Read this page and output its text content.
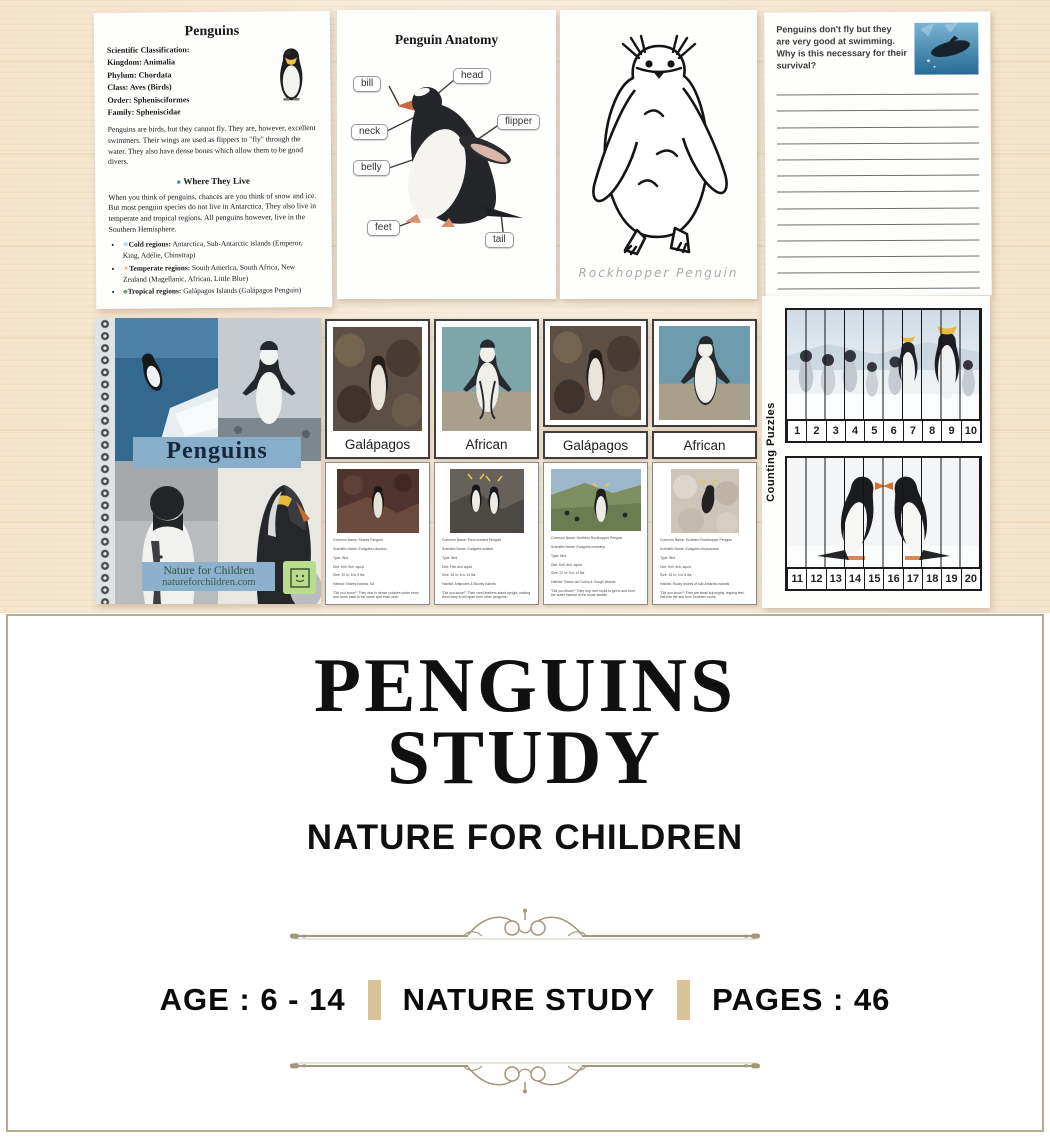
Penguins
Scientific Classification:
Kingdom: Animalia
Phylum: Chordata
Class: Aves (Birds)
Order: Sphenisciformes
Family: Spheniscidae
Penguins are birds, but they cannot fly. They are, however, excellent swimmers. Their wings are used as flippers to "fly" through the water. They also have dense bones which allow them to be good divers.
● Where They Live
When you think of penguins, chances are you think of snow and ice. But most penguin species do not live in Antarctica. They also live in temperate and tropical regions. All penguins however, live in the Southern Hemisphere.
• ❄Cold regions: Antarctica, Sub-Antarctic islands (Emperor, King, Adélie, Chinstrap)
• ☀Temperate regions: South America, South Africa, New Zealand (Magellanic, African, Little Blue)
• ♣Tropical regions: Galápagos Islands (Galápagos Penguin)
Penguin Anatomy
bill
head
neck
flipper
belly
feet
tail
Rockhopper Penguin
Penguins don't fly but they are very good at swimming. Why is this necessary for their survival?
Penguins
Nature for Children
natureforchildren.com
Galápagos	African	Galápagos	African
Common Name: Snares Penguin
Scientific Name: Eudyptes robustus
Type: Bird
Diet: Krill, fish, squid
Size: 20 in; 6 to 9 lbs
Habitat: Snares Islands, NZ
"Did you know?" They nest in dense colonies under trees and come back to the same spot each year.
Common Name: Erect-crested Penguin
Scientific Name: Eudyptes sclateri
Type: Bird
Diet: Fish and squid
Size: 26 in; 6 to 13 lbs
Habitat: Antipodes & Bounty Islands
"Did you know?" Their crest feathers stand upright, making them easy to tell apart from other penguins.
Common Name: Northern Rockhopper Penguin
Scientific Name: Eudyptes moseleyi
Type: Bird
Diet: Krill, fish, squid
Size: 22 in; 5 to 10 lbs
Habitat: Tristan da Cunha & Gough Islands
"Did you know?" They hop over rocks to get to and from the water instead of the usual waddle.
Common Name: Southern Rockhopper Penguin
Scientific Name: Eudyptes chrysocome
Type: Bird
Diet: Krill, fish, squid
Size: 18 in; 4 to 8 lbs
Habitat: Rocky shores of sub-Antarctic islands
"Did you know?" They are small but mighty, leaping feet-first into the sea from Southern rocks.
Counting Puzzles	1	2	3	4	5	6	7	8	9 10
11 12 13 14 15 16 17 18 19 20
PENGUINS
STUDY
NATURE FOR CHILDREN
AGE : 6 - 14 NATURE STUDY PAGES : 46
